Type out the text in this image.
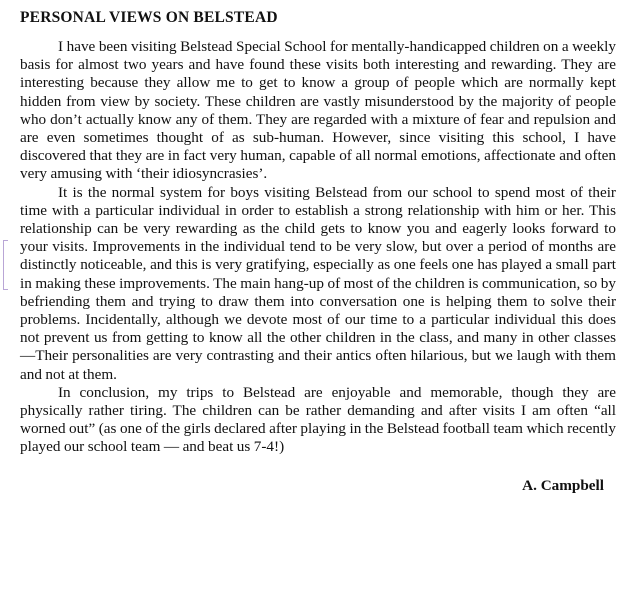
PERSONAL VIEWS ON BELSTEAD

I have been visiting Belstead Special School for mentally-handicapped children on a weekly basis for almost two years and have found these visits both interesting and rewarding. They are interesting because they allow me to get to know a group of people which are normally kept hidden from view by society. These children are vastly misunderstood by the majority of people who don’t actually know any of them. They are regarded with a mixture of fear and repulsion and are even sometimes thought of as sub-human. However, since visiting this school, I have discovered that they are in fact very human, capable of all normal emotions, affectionate and often very amusing with ‘their idiosyncrasies’.

It is the normal system for boys visiting Belstead from our school to spend most of their time with a particular individual in order to establish a strong relationship with him or her. This relationship can be very rewarding as the child gets to know you and eagerly looks forward to your visits. Improvements in the individual tend to be very slow, but over a period of months are distinctly noticeable, and this is very gratifying, especially as one feels one has played a small part in making these improvements. The main hang-up of most of the children is communication, so by befriending them and trying to draw them into conversation one is helping them to solve their problems. Incidentally, although we devote most of our time to a particular individual this does not prevent us from getting to know all the other children in the class, and many in other classes —Their personalities are very contrasting and their antics often hilarious, but we laugh with them and not at them.

In conclusion, my trips to Belstead are enjoyable and memorable, though they are physically rather tiring. The children can be rather demanding and after visits I am often “all worned out” (as one of the girls declared after playing in the Belstead football team which recently played our school team — and beat us 7-4!)

A. Campbell
